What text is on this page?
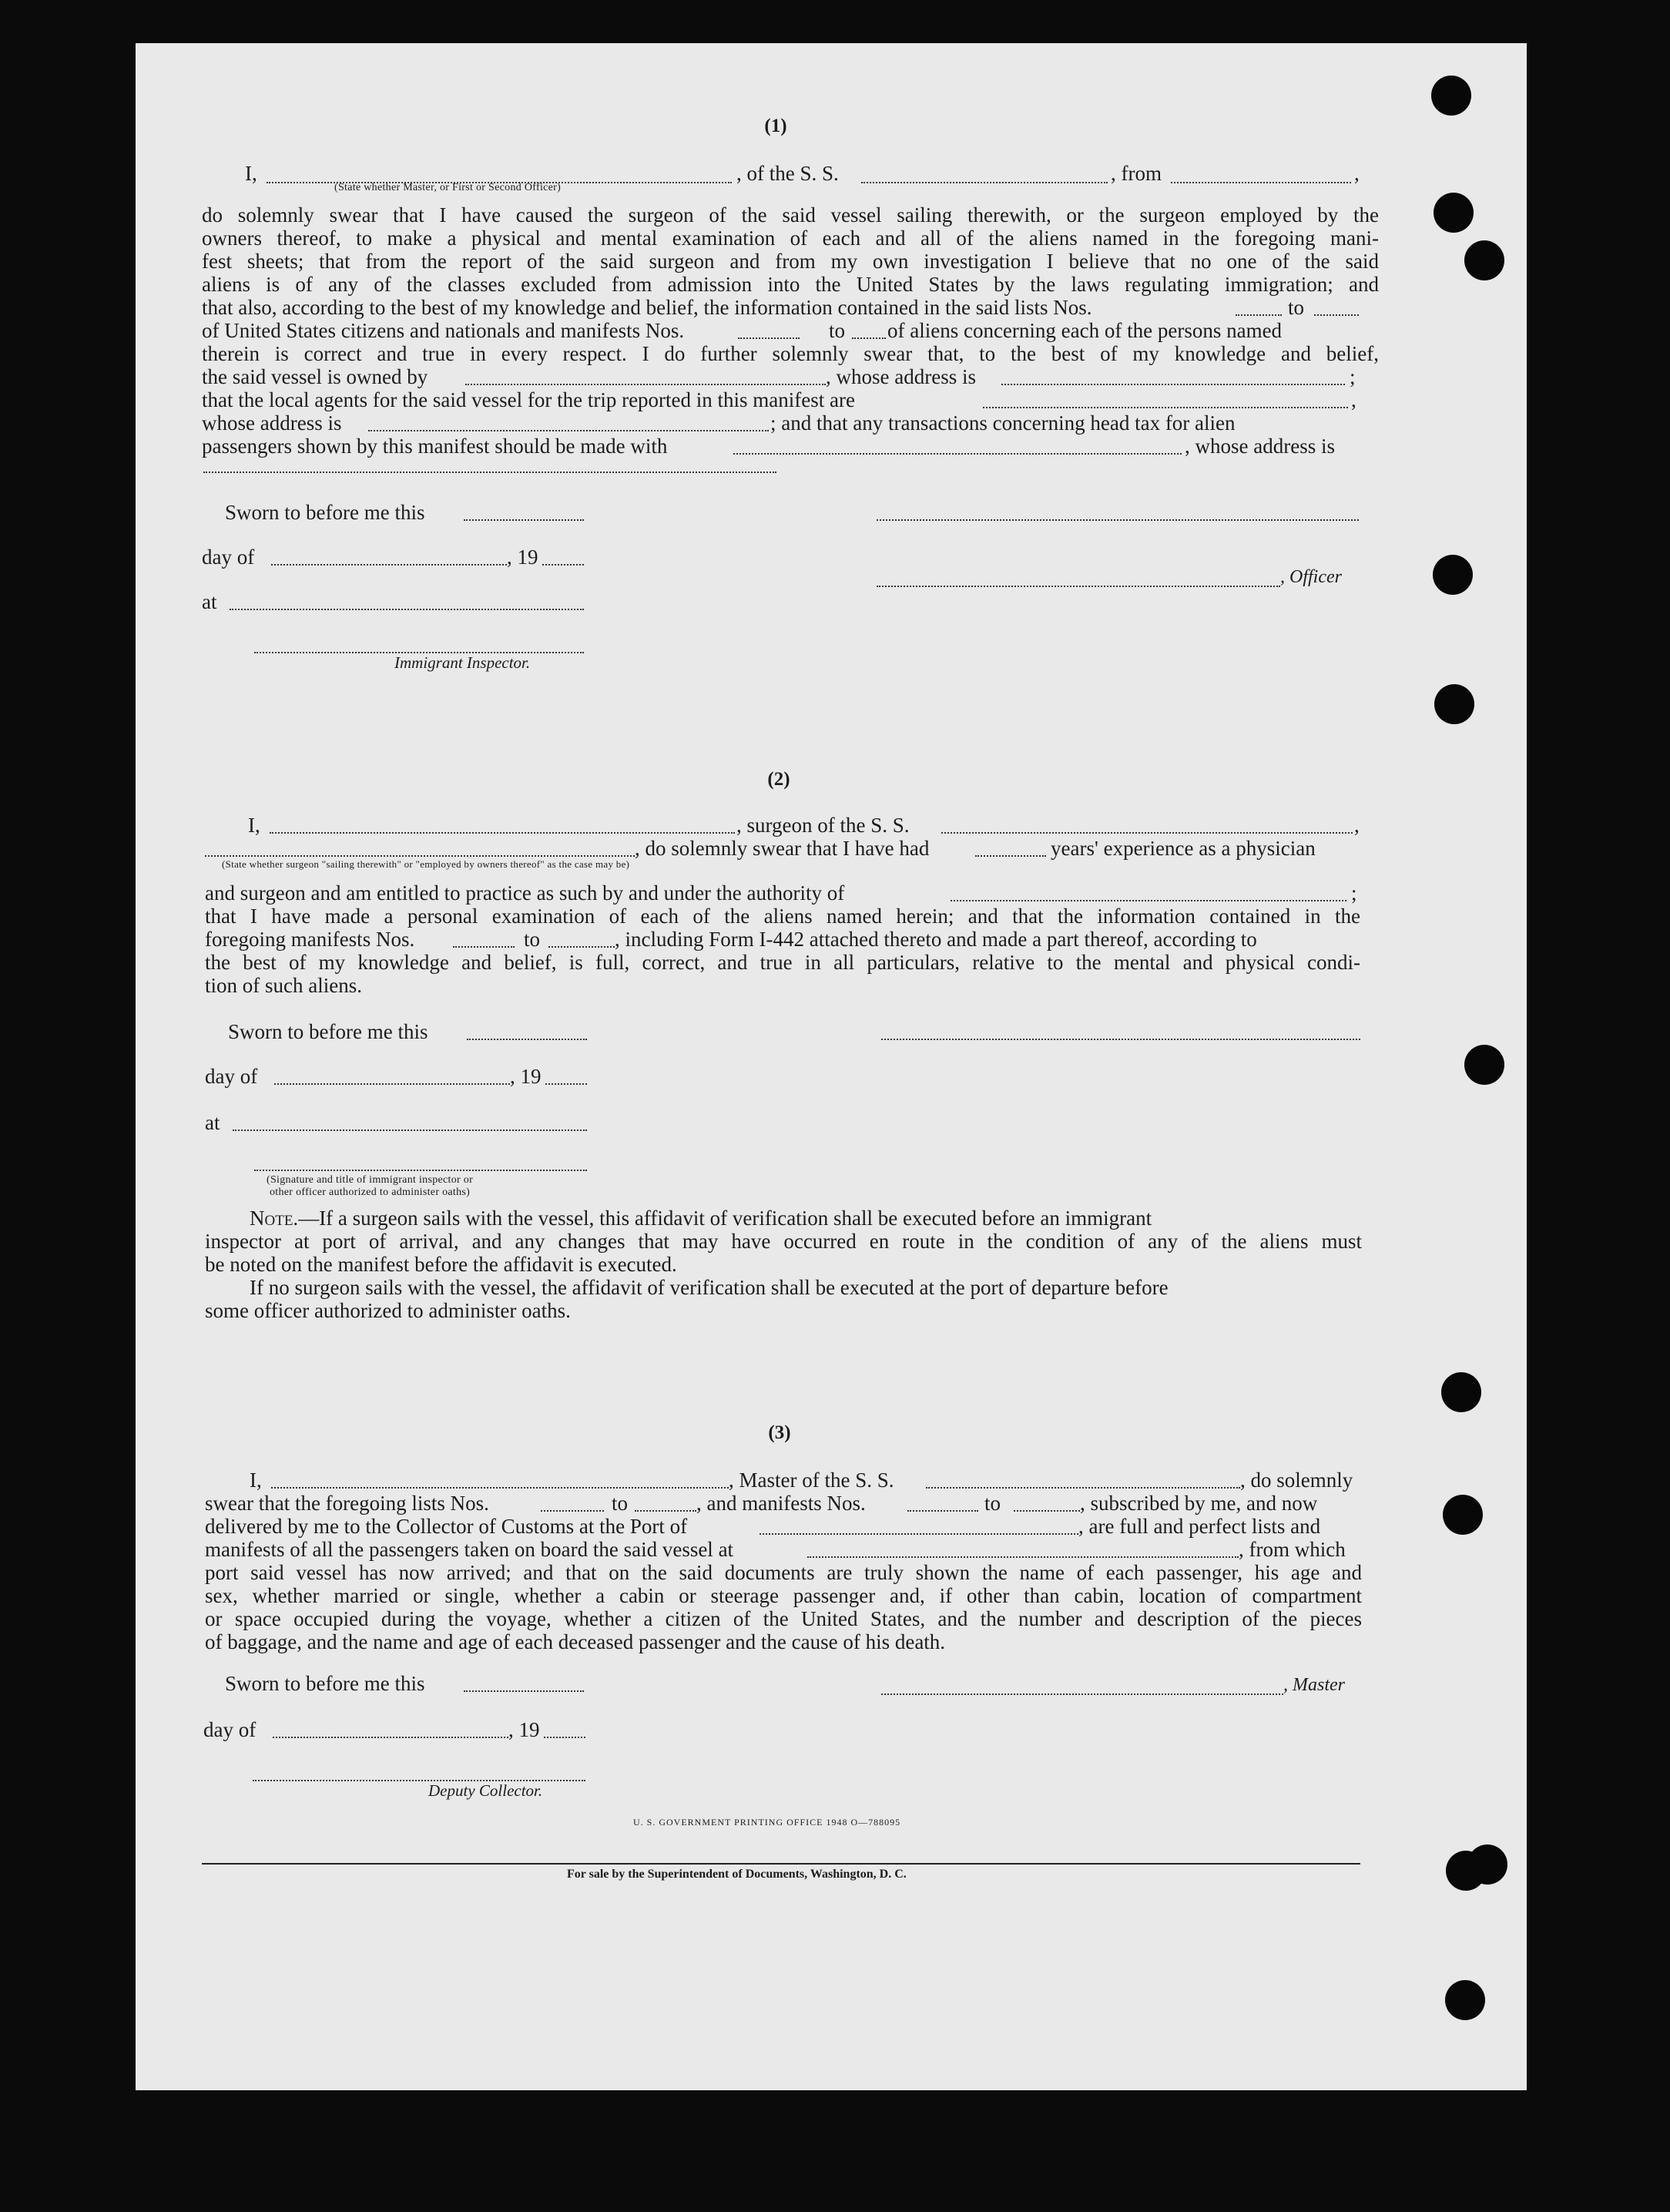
(1)
I,
(State whether Master, or First or Second Officer)
, of the S. S.	, from	,
do solemnly swear that I have caused the surgeon of the said vessel sailing therewith, or the surgeon employed by the
owners thereof, to make a physical and mental examination of each and all of the aliens named in the foregoing mani-
fest sheets; that from the report of the said surgeon and from my own investigation I believe that no one of the said
aliens is of any of the classes excluded from admission into the United States by the laws regulating immigration; and
that also, according to the best of my knowledge and belief, the information contained in the said lists Nos.	to
of United States citizens and nationals and manifests Nos.	to of aliens concerning each of the persons named
therein is correct and true in every respect. I do further solemnly swear that, to the best of my knowledge and belief,
the said vessel is owned by	, whose address is	;
that the local agents for the said vessel for the trip reported in this manifest are	,
whose address is	; and that any transactions concerning head tax for alien
passengers shown by this manifest should be made with	, whose address is
Sworn to before me this
day of	, 19
, Officer
at
Immigrant Inspector.
(2)
I,	, surgeon of the S. S.	,
, do solemnly swear that I have had	years' experience as a physician
(State whether surgeon "sailing therewith" or "employed by owners thereof" as the case may be)
and surgeon and am entitled to practice as such by and under the authority of	;
that I have made a personal examination of each of the aliens named herein; and that the information contained in the
foregoing manifests Nos.	to	, including Form I-442 attached thereto and made a part thereof, according to
the best of my knowledge and belief, is full, correct, and true in all particulars, relative to the mental and physical condi-
tion of such aliens.
Sworn to before me this
day of	, 19
at
(Signature and title of immigrant inspector or
other officer authorized to administer oaths)
Note.—If a surgeon sails with the vessel, this affidavit of verification shall be executed before an immigrant
inspector at port of arrival, and any changes that may have occurred en route in the condition of any of the aliens must
be noted on the manifest before the affidavit is executed.
If no surgeon sails with the vessel, the affidavit of verification shall be executed at the port of departure before
some officer authorized to administer oaths.
(3)
I,	, Master of the S. S.	, do solemnly
swear that the foregoing lists Nos.	to	, and manifests Nos.	to	, subscribed by me, and now
delivered by me to the Collector of Customs at the Port of	, are full and perfect lists and
manifests of all the passengers taken on board the said vessel at	, from which
port said vessel has now arrived; and that on the said documents are truly shown the name of each passenger, his age and
sex, whether married or single, whether a cabin or steerage passenger and, if other than cabin, location of compartment
or space occupied during the voyage, whether a citizen of the United States, and the number and description of the pieces
of baggage, and the name and age of each deceased passenger and the cause of his death.
Sworn to before me this	, Master
day of	, 19
Deputy Collector.
U. S. GOVERNMENT PRINTING OFFICE 1948 O—788095
For sale by the Superintendent of Documents, Washington, D. C.
